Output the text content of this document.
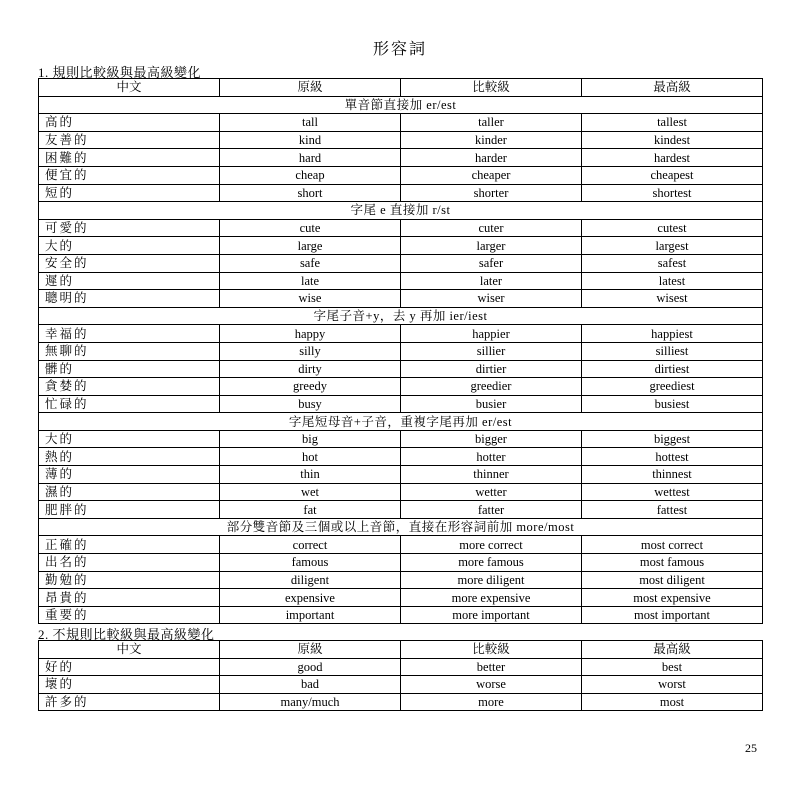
形容詞
1. 規則比較級與最高級變化
中文	原級	比較級	最高級
單音節直接加 er/est			
高的	tall	taller	tallest
友善的	kind	kinder	kindest
困難的	hard	harder	hardest
便宜的	cheap	cheaper	cheapest
短的	short	shorter	shortest
字尾 e 直接加 r/st			
可愛的	cute	cuter	cutest
大的	large	larger	largest
安全的	safe	safer	safest
遲的	late	later	latest
聰明的	wise	wiser	wisest
字尾子音+y，去 y 再加 ier/iest			
幸福的	happy	happier	happiest
無聊的	silly	sillier	silliest
髒的	dirty	dirtier	dirtiest
貪婪的	greedy	greedier	greediest
忙碌的	busy	busier	busiest
字尾短母音+子音，重複字尾再加 er/est			
大的	big	bigger	biggest
熱的	hot	hotter	hottest
薄的	thin	thinner	thinnest
濕的	wet	wetter	wettest
肥胖的	fat	fatter	fattest
部分雙音節及三個或以上音節，直接在形容詞前加 more/most			
正確的	correct	more correct	most correct
出名的	famous	more famous	most famous
勤勉的	diligent	more diligent	most diligent
昂貴的	expensive	more expensive	most expensive
重要的	important	more important	most important
2. 不規則比較級與最高級變化
中文	原級	比較級	最高級
好的	good	better	best
壞的	bad	worse	worst
許多的	many/much	more	most
25
